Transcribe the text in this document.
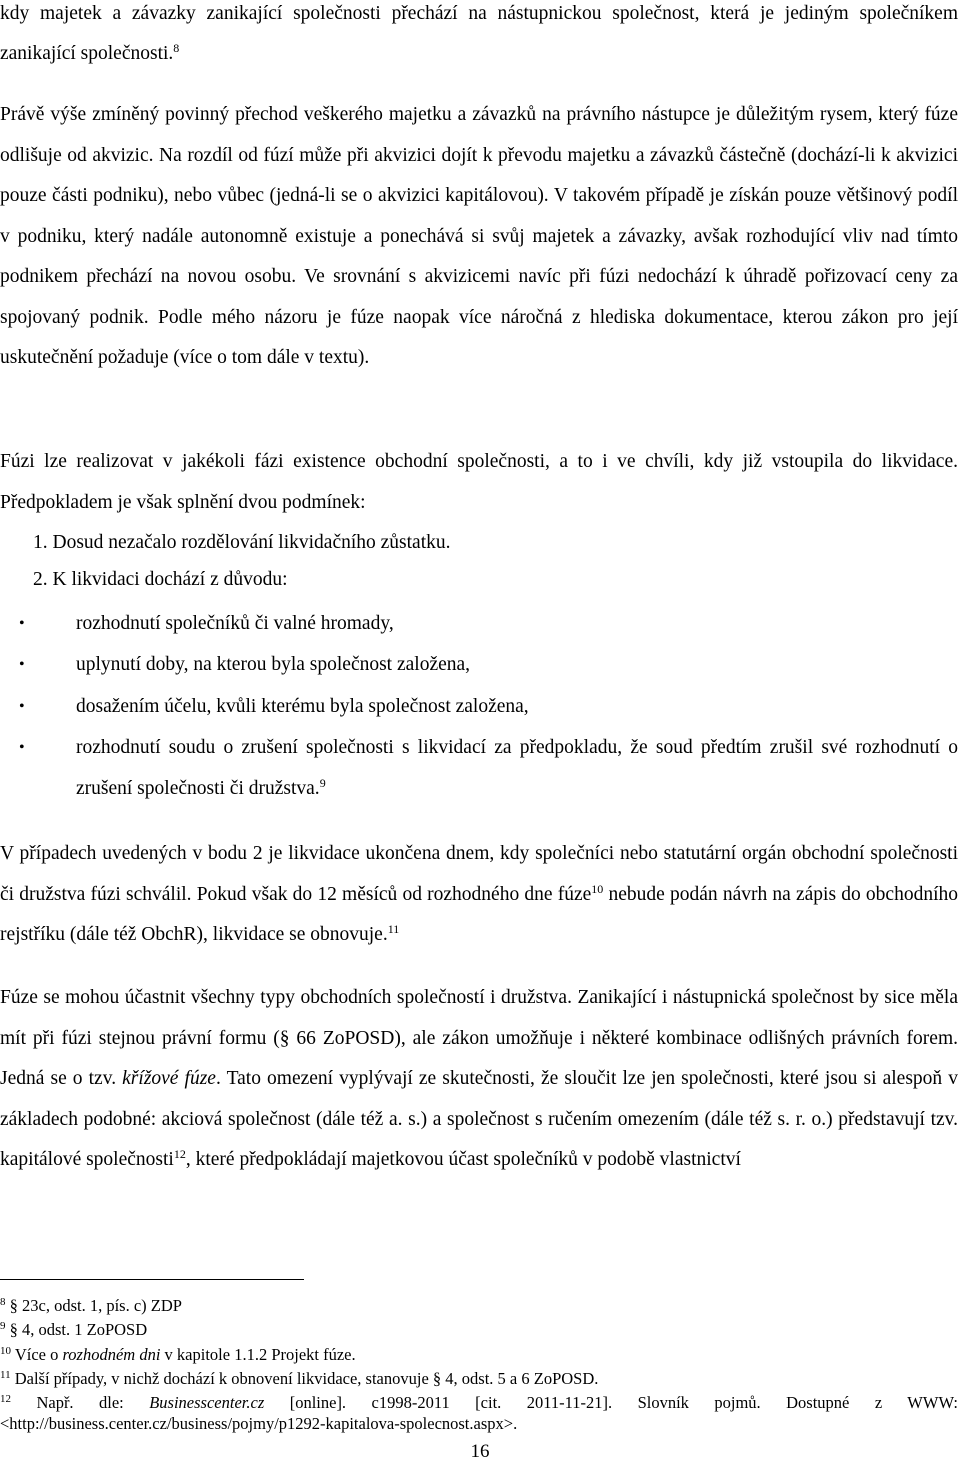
kdy majetek a závazky zanikající společnosti přechází na nástupnickou společnost, která je jediným společníkem zanikající společnosti.$^8$

Právě výše zmíněný povinný přechod veškerého majetku a závazků na právního nástupce je důležitým rysem, který fúze odlišuje od akvizic. Na rozdíl od fúzí může při akvizici dojít k převodu majetku a závazků částečně (dochází-li k akvizici pouze části podniku), nebo vůbec (jedná-li se o akvizici kapitálovou). V takovém případě je získán pouze většinový podíl v podniku, který nadále autonomně existuje a ponechává si svůj majetek a závazky, avšak rozhodující vliv nad tímto podnikem přechází na novou osobu. Ve srovnání s akvizicemi navíc při fúzi nedochází k úhradě pořizovací ceny za spojovaný podnik. Podle mého názoru je fúze naopak více náročná z hlediska dokumentace, kterou zákon pro její uskutečnění požaduje (více o tom dále v textu).

Fúzi lze realizovat v jakékoli fázi existence obchodní společnosti, a to i ve chvíli, kdy již vstoupila do likvidace. Předpokladem je však splnění dvou podmínek:

1. Dosud nezačalo rozdělování likvidačního zůstatku.
2. K likvidaci dochází z důvodu:
•	rozhodnutí společníků či valné hromady,
•	uplynutí doby, na kterou byla společnost založena,
•	dosažením účelu, kvůli kterému byla společnost založena,
•	rozhodnutí soudu o zrušení společnosti s likvidací za předpokladu, že soud předtím zrušil své rozhodnutí o zrušení společnosti či družstva.$^9$

V případech uvedených v bodu 2 je likvidace ukončena dnem, kdy společníci nebo statutární orgán obchodní společnosti či družstva fúzi schválil. Pokud však do 12 měsíců od rozhodného dne fúze$^{10}$ nebude podán návrh na zápis do obchodního rejstříku (dále též ObchR), likvidace se obnovuje.$^{11}$

Fúze se mohou účastnit všechny typy obchodních společností i družstva. Zanikající i nástupnická společnost by sice měla mít při fúzi stejnou právní formu (§ 66 ZoPOSD), ale zákon umožňuje i některé kombinace odlišných právních forem. Jedná se o tzv. křížové fúze. Tato omezení vyplývají ze skutečnosti, že sloučit lze jen společnosti, které jsou si alespoň v základech podobné: akciová společnost (dále též a. s.) a společnost s ručením omezením (dále též s. r. o.) představují tzv. kapitálové společnosti$^{12}$, které předpokládají majetkovou účast společníků v podobě vlastnictví

$^8$ § 23c, odst. 1, pís. c) ZDP
$^9$ § 4, odst. 1 ZoPOSD
$^{10}$ Více o rozhodném dni v kapitole 1.1.2 Projekt fúze.
$^{11}$ Další případy, v nichž dochází k obnovení likvidace, stanovuje § 4, odst. 5 a 6 ZoPOSD.
$^{12}$ Např. dle: Businesscenter.cz [online]. c1998-2011 [cit. 2011-11-21]. Slovník pojmů. Dostupné z WWW: <http://business.center.cz/business/pojmy/p1292-kapitalova-spolecnost.aspx>.
16
